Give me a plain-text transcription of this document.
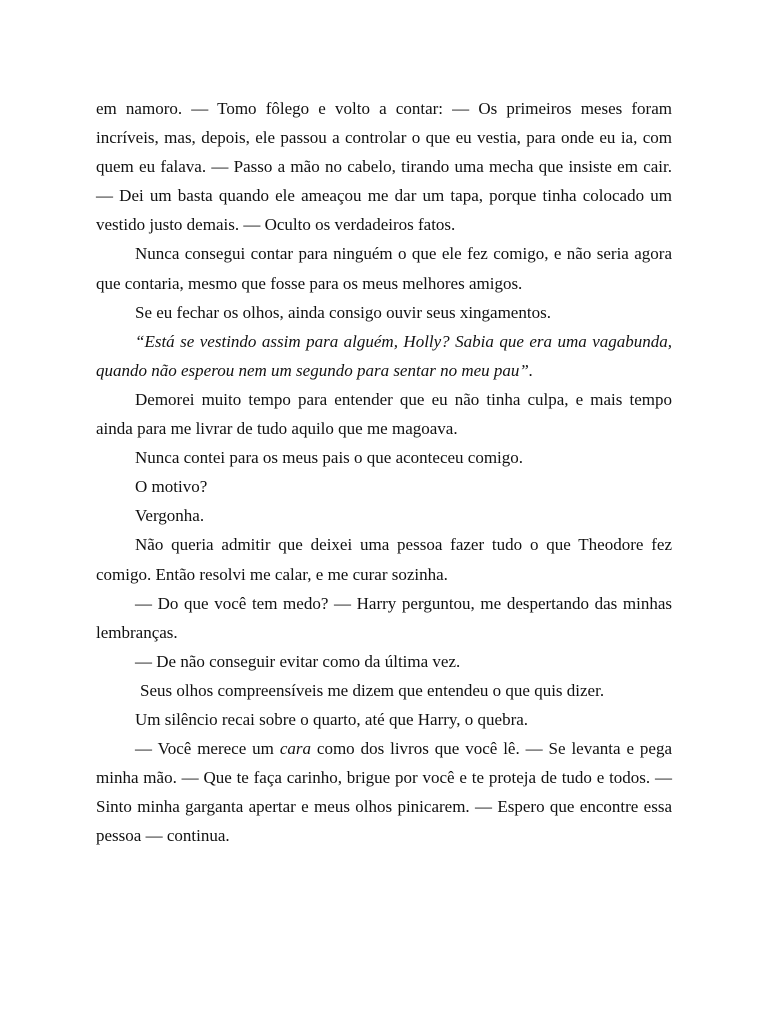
em namoro. — Tomo fôlego e volto a contar: — Os primeiros meses foram incríveis, mas, depois, ele passou a controlar o que eu vestia, para onde eu ia, com quem eu falava. — Passo a mão no cabelo, tirando uma mecha que insiste em cair. — Dei um basta quando ele ameaçou me dar um tapa, porque tinha colocado um vestido justo demais. — Oculto os verdadeiros fatos.

Nunca consegui contar para ninguém o que ele fez comigo, e não seria agora que contaria, mesmo que fosse para os meus melhores amigos.

Se eu fechar os olhos, ainda consigo ouvir seus xingamentos.

“Está se vestindo assim para alguém, Holly? Sabia que era uma vagabunda, quando não esperou nem um segundo para sentar no meu pau”.

Demorei muito tempo para entender que eu não tinha culpa, e mais tempo ainda para me livrar de tudo aquilo que me magoava.

Nunca contei para os meus pais o que aconteceu comigo.

O motivo?

Vergonha.

Não queria admitir que deixei uma pessoa fazer tudo o que Theodore fez comigo. Então resolvi me calar, e me curar sozinha.

— Do que você tem medo? — Harry perguntou, me despertando das minhas lembranças.

— De não conseguir evitar como da última vez.

Seus olhos compreensíveis me dizem que entendeu o que quis dizer.

Um silêncio recai sobre o quarto, até que Harry, o quebra.

— Você merece um cara como dos livros que você lê. — Se levanta e pega minha mão. — Que te faça carinho, brigue por você e te proteja de tudo e todos. — Sinto minha garganta apertar e meus olhos pinicarem. — Espero que encontre essa pessoa — continua.
